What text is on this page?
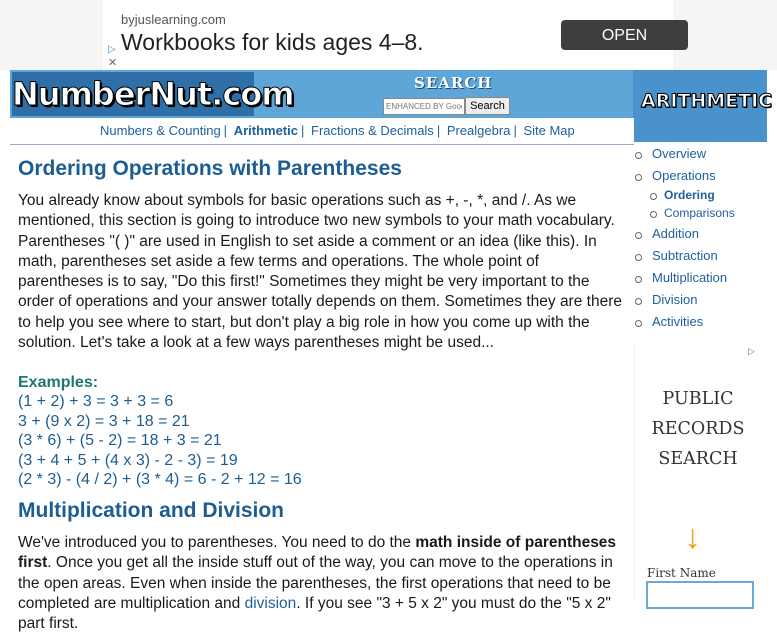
byjuslearning.com
Workbooks for kids ages 4–8.	OPEN
▷
✕
NumberNut.com	SEARCH
ENHANCED BY Google
Search	ARITHMETIC
Numbers & Counting | Arithmetic | Fractions & Decimals | Prealgebra | Site Map
Ordering Operations with Parentheses
You already know about symbols for basic operations such as +, -, *, and /. As we mentioned, this section is going to introduce two new symbols to your math vocabulary. Parentheses "( )" are used in English to set aside a comment or an idea (like this). In math, parentheses set aside a few terms and operations. The whole point of parentheses is to say, "Do this first!" Sometimes they might be very important to the order of operations and your answer totally depends on them. Sometimes they are there to help you see where to start, but don't play a big role in how you come up with the solution. Let's take a look at a few ways parentheses might be used...
Examples:
(1 + 2) + 3 = 3 + 3 = 6
3 + (9 x 2) = 3 + 18 = 21
(3 * 6) + (5 - 2) = 18 + 3 = 21
(3 + 4 + 5 + (4 x 3) - 2 - 3) = 19
(2 * 3) - (4 / 2) + (3 * 4) = 6 - 2 + 12 = 16
Multiplication and Division
We've introduced you to parentheses. You need to do the math inside of parentheses first. Once you get all the inside stuff out of the way, you can move to the operations in the open areas. Even when inside the parentheses, the first operations that need to be completed are multiplication and division. If you see "3 + 5 x 2" you must do the "5 x 2" part first.
Overview
Operations
Ordering
Comparisons
Addition
Subtraction
Multiplication
Division
Activities
PUBLIC
RECORDS
SEARCH
▷
↓
First Name
